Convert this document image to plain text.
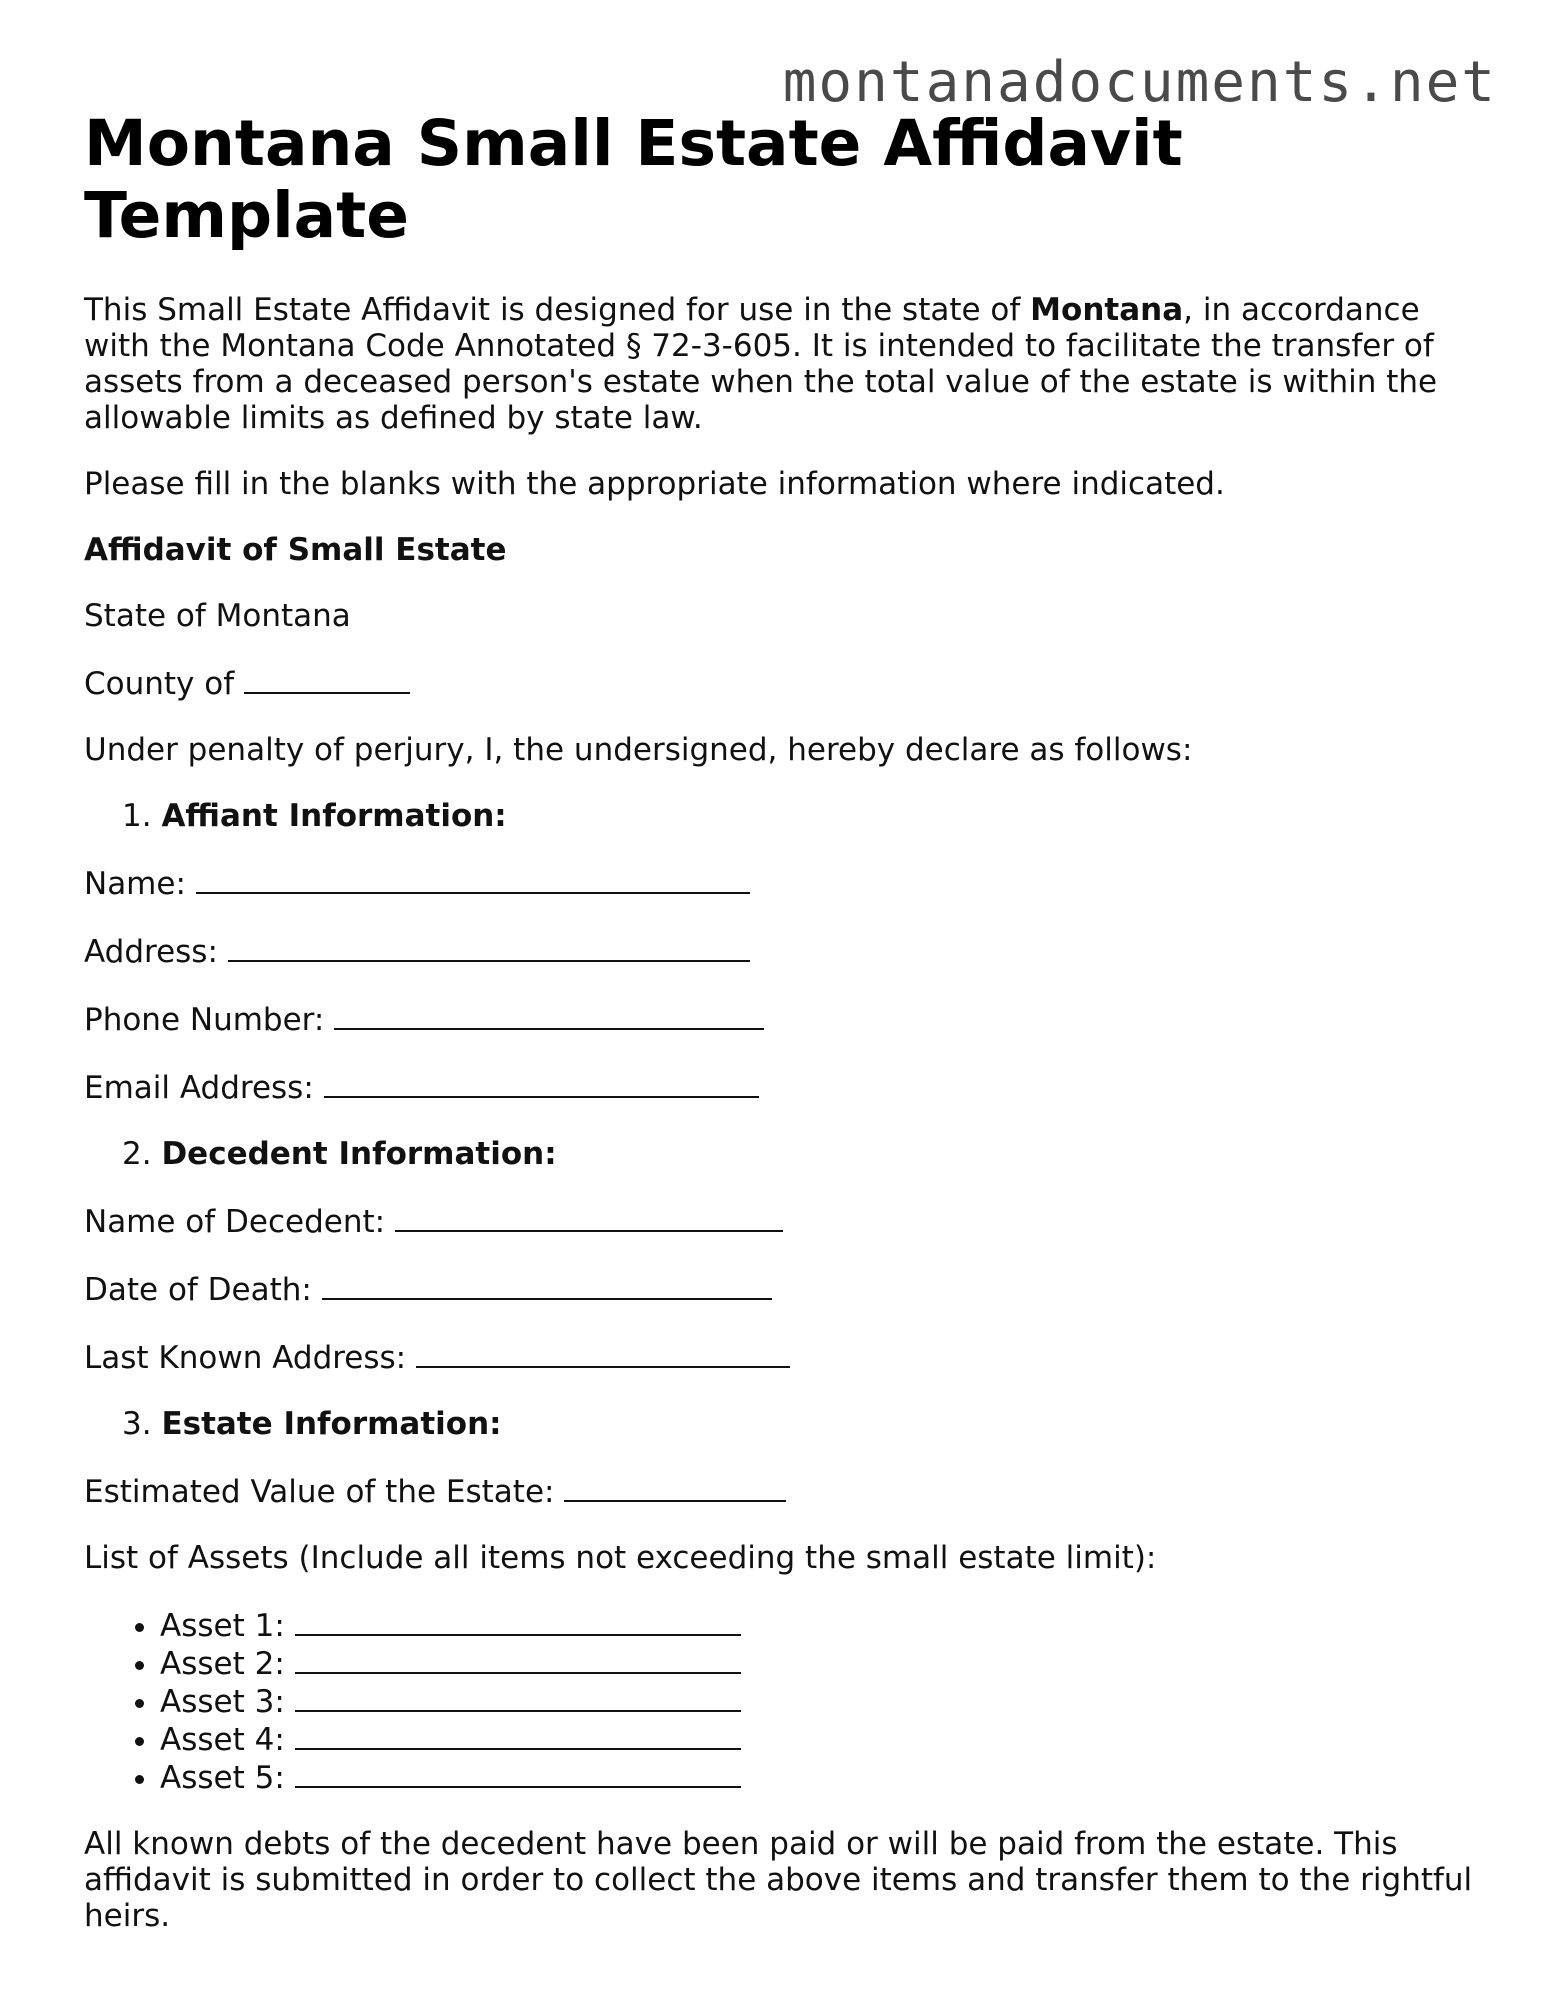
montanadocuments.net
Montana Small Estate Affidavit Template

This Small Estate Affidavit is designed for use in the state of Montana, in accordance with the Montana Code Annotated § 72-3-605. It is intended to facilitate the transfer of assets from a deceased person's estate when the total value of the estate is within the allowable limits as defined by state law.

Please fill in the blanks with the appropriate information where indicated.

Affidavit of Small Estate

State of Montana

County of

Under penalty of perjury, I, the undersigned, hereby declare as follows:

1. Affiant Information:

Name:

Address:

Phone Number:

Email Address:

2. Decedent Information:

Name of Decedent:

Date of Death:

Last Known Address:

3. Estate Information:

Estimated Value of the Estate:

List of Assets (Include all items not exceeding the small estate limit):

• Asset 1:
• Asset 2:
• Asset 3:
• Asset 4:
• Asset 5:

All known debts of the decedent have been paid or will be paid from the estate. This affidavit is submitted in order to collect the above items and transfer them to the rightful heirs.
